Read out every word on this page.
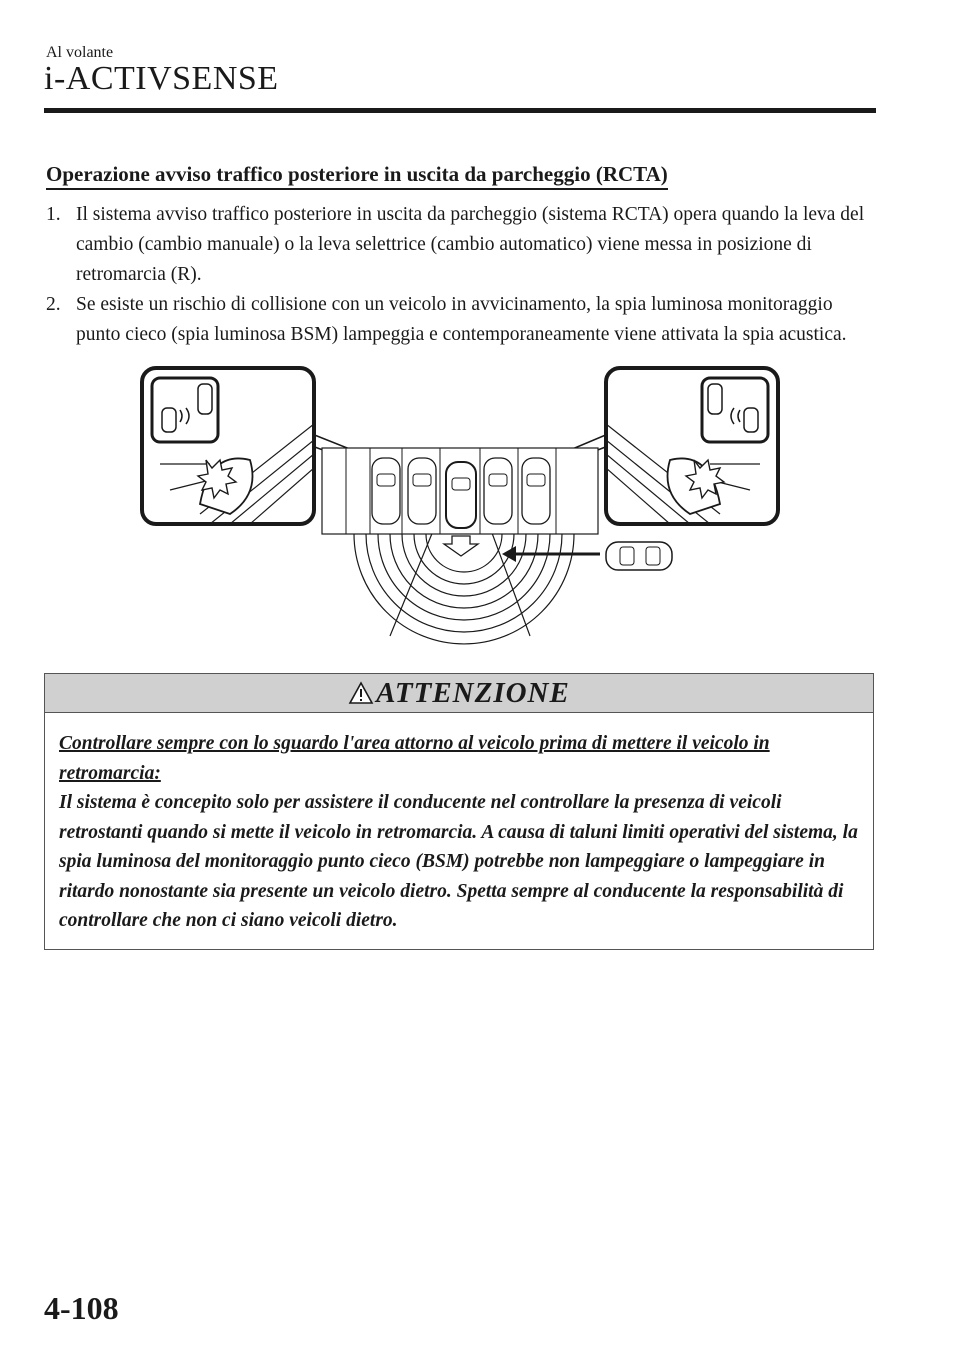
Al volante
i-ACTIVSENSE
Operazione avviso traffico posteriore in uscita da parcheggio (RCTA)
1. Il sistema avviso traffico posteriore in uscita da parcheggio (sistema RCTA) opera quando la leva del cambio (cambio manuale) o la leva selettrice (cambio automatico) viene messa in posizione di retromarcia (R).
2. Se esiste un rischio di collisione con un veicolo in avvicinamento, la spia luminosa monitoraggio punto cieco (spia luminosa BSM) lampeggia e contemporaneamente viene attivata la spia acustica.
ATTENZIONE
Controllare sempre con lo sguardo l'area attorno al veicolo prima di mettere il veicolo in retromarcia:
Il sistema è concepito solo per assistere il conducente nel controllare la presenza di veicoli retrostanti quando si mette il veicolo in retromarcia. A causa di taluni limiti operativi del sistema, la spia luminosa del monitoraggio punto cieco (BSM) potrebbe non lampeggiare o lampeggiare in ritardo nonostante sia presente un veicolo dietro. Spetta sempre al conducente la responsabilità di controllare che non ci siano veicoli dietro.
4-108
